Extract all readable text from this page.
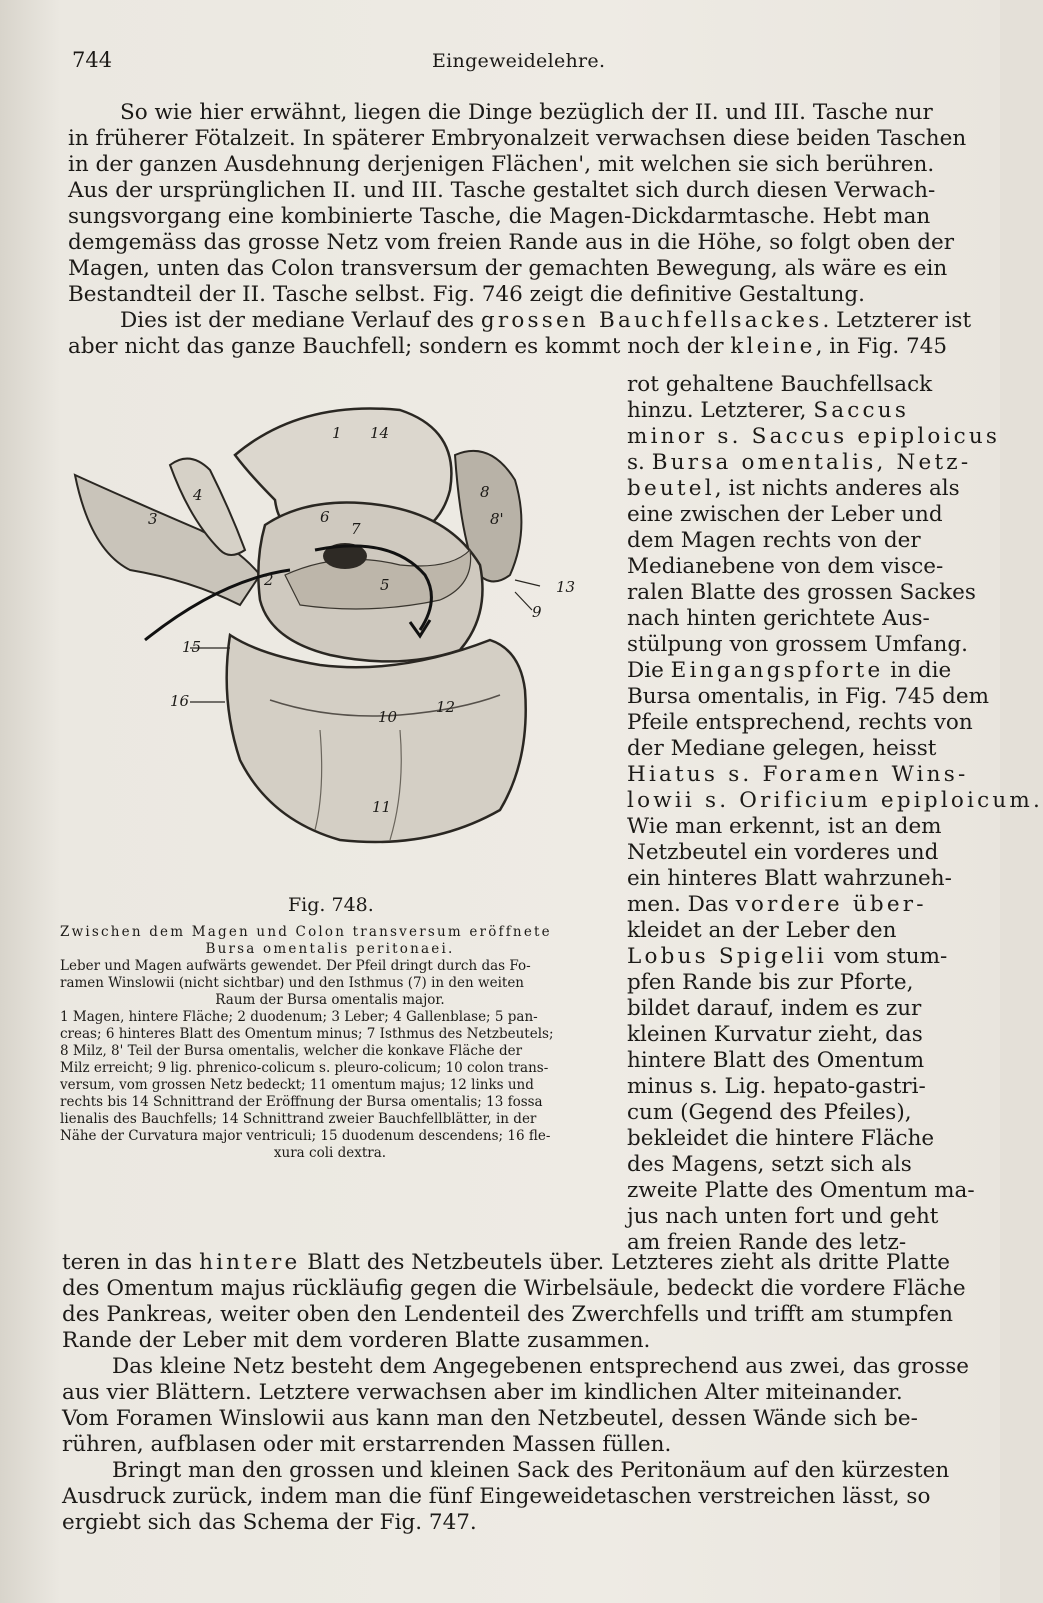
744	Eingeweidelehre.
So wie hier erwähnt, liegen die Dinge bezüglich der II. und III. Tasche nur
in früherer Fötalzeit. In späterer Embryonalzeit verwachsen diese beiden Taschen
in der ganzen Ausdehnung derjenigen Flächen', mit welchen sie sich berühren.
Aus der ursprünglichen II. und III. Tasche gestaltet sich durch diesen Verwach-
sungsvorgang eine kombinierte Tasche, die Magen-Dickdarmtasche. Hebt man
demgemäss das grosse Netz vom freien Rande aus in die Höhe, so folgt oben der
Magen, unten das Colon transversum der gemachten Bewegung, als wäre es ein
Bestandteil der II. Tasche selbst. Fig. 746 zeigt die definitive Gestaltung.
Dies ist der mediane Verlauf des grossen Bauchfellsackes. Letzterer ist
aber nicht das ganze Bauchfell; sondern es kommt noch der kleine, in Fig. 745
1 14
3
4
6
7
8
8'
2	5	13
9
15
16
10
12
11
rot gehaltene Bauchfellsack
hinzu. Letzterer, Saccus
minor s. Saccus epiploicus
s. Bursa omentalis, Netz-
beutel, ist nichts anderes als
eine zwischen der Leber und
dem Magen rechts von der
Medianebene von dem visce-
ralen Blatte des grossen Sackes
nach hinten gerichtete Aus-
stülpung von grossem Umfang.
Die Eingangspforte in die
Bursa omentalis, in Fig. 745 dem
Pfeile entsprechend, rechts von
der Mediane gelegen, heisst
Hiatus s. Foramen Wins-
lowii s. Orificium epiploicum.
Wie man erkennt, ist an dem
Netzbeutel ein vorderes und
ein hinteres Blatt wahrzuneh-
men. Das vordere über-
kleidet an der Leber den
Lobus Spigelii vom stum-
pfen Rande bis zur Pforte,
bildet darauf, indem es zur
kleinen Kurvatur zieht, das
hintere Blatt des Omentum
minus s. Lig. hepato-gastri-
cum (Gegend des Pfeiles),
bekleidet die hintere Fläche
des Magens, setzt sich als
zweite Platte des Omentum ma-
jus nach unten fort und geht
am freien Rande des letz-
Fig. 748.
Zwischen dem Magen und Colon transversum eröffnete
Bursa omentalis peritonaei.
Leber und Magen aufwärts gewendet. Der Pfeil dringt durch das Fo-
ramen Winslowii (nicht sichtbar) und den Isthmus (7) in den weiten
Raum der Bursa omentalis major.
1 Magen, hintere Fläche; 2 duodenum; 3 Leber; 4 Gallenblase; 5 pan-
creas; 6 hinteres Blatt des Omentum minus; 7 Isthmus des Netzbeutels;
8 Milz, 8' Teil der Bursa omentalis, welcher die konkave Fläche der
Milz erreicht; 9 lig. phrenico-colicum s. pleuro-colicum; 10 colon trans-
versum, vom grossen Netz bedeckt; 11 omentum majus; 12 links und
rechts bis 14 Schnittrand der Eröffnung der Bursa omentalis; 13 fossa
lienalis des Bauchfells; 14 Schnittrand zweier Bauchfellblätter, in der
Nähe der Curvatura major ventriculi; 15 duodenum descendens; 16 fle-
xura coli dextra.
teren in das hintere Blatt des Netzbeutels über. Letzteres zieht als dritte Platte
des Omentum majus rückläufig gegen die Wirbelsäule, bedeckt die vordere Fläche
des Pankreas, weiter oben den Lendenteil des Zwerchfells und trifft am stumpfen
Rande der Leber mit dem vorderen Blatte zusammen.
Das kleine Netz besteht dem Angegebenen entsprechend aus zwei, das grosse
aus vier Blättern. Letztere verwachsen aber im kindlichen Alter miteinander.
Vom Foramen Winslowii aus kann man den Netzbeutel, dessen Wände sich be-
rühren, aufblasen oder mit erstarrenden Massen füllen.
Bringt man den grossen und kleinen Sack des Peritonäum auf den kürzesten
Ausdruck zurück, indem man die fünf Eingeweidetaschen verstreichen lässt, so
ergiebt sich das Schema der Fig. 747.
